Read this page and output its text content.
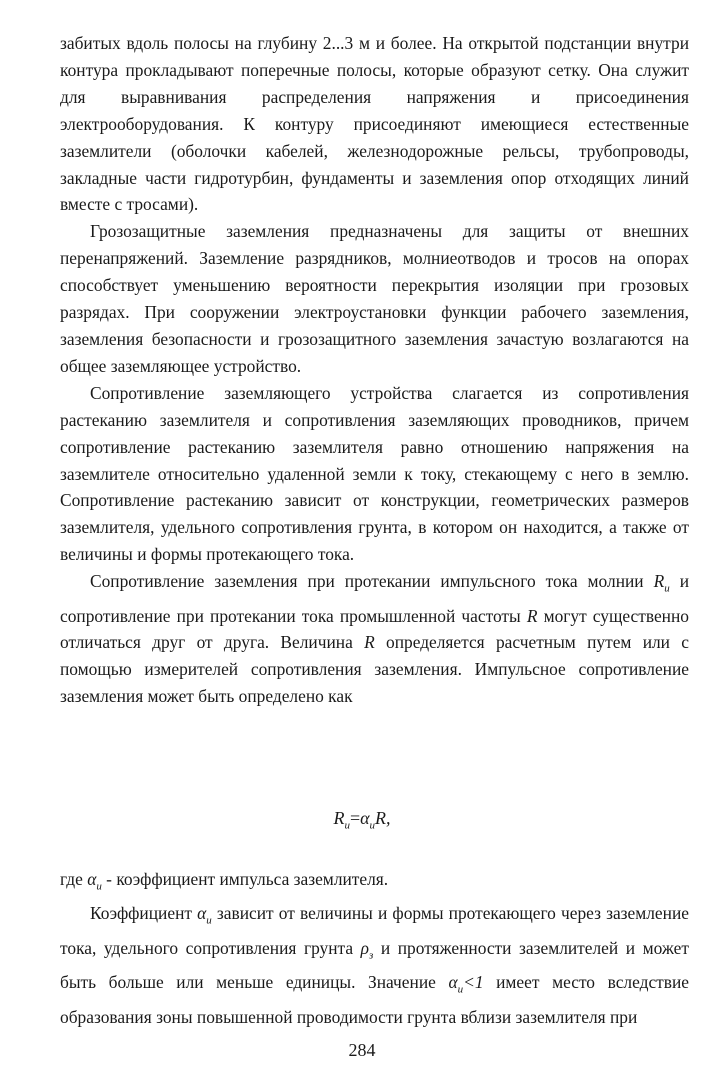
забитых вдоль полосы на глубину 2...3 м и более. На открытой подстанции внутри контура прокладывают поперечные полосы, которые образуют сетку. Она служит для выравнивания распределения напряжения и присоединения электрооборудования. К контуру присоединяют имеющиеся естественные заземлители (оболочки кабелей, железнодорожные рельсы, трубопроводы, закладные части гидротурбин, фундаменты и заземления опор отходящих линий вместе с тросами).

Грозозащитные заземления предназначены для защиты от внешних перенапряжений. Заземление разрядников, молниеотводов и тросов на опорах способствует уменьшению вероятности перекрытия изоляции при грозовых разрядах. При сооружении электроустановки функции рабочего заземления, заземления безопасности и грозозащитного заземления зачастую возлагаются на общее заземляющее устройство.

Сопротивление заземляющего устройства слагается из сопротивления растеканию заземлителя и сопротивления заземляющих проводников, причем сопротивление растеканию заземлителя равно отношению напряжения на заземлителе относительно удаленной земли к току, стекающему с него в землю. Сопротивление растеканию зависит от конструкции, геометрических размеров заземлителя, удельного сопротивления грунта, в котором он находится, а также от величины и формы протекающего тока.

Сопротивление заземления при протекании импульсного тока молнии $R_и$ и сопротивление при протекании тока промышленной частоты R могут существенно отличаться друг от друга. Величина R определяется расчетным путем или с помощью измерителей сопротивления заземления. Импульсное сопротивление заземления может быть определено как

$R_и=\alpha_иR$,

где $\alpha_и$ - коэффициент импульса заземлителя.

Коэффициент $\alpha_и$ зависит от величины и формы протекающего через заземление тока, удельного сопротивления грунта $\rho_з$ и протяженности заземлителей и может быть больше или меньше единицы. Значение $\alpha_и<1$ имеет место вследствие образования зоны повышенной проводимости грунта вблизи заземлителя при

284
